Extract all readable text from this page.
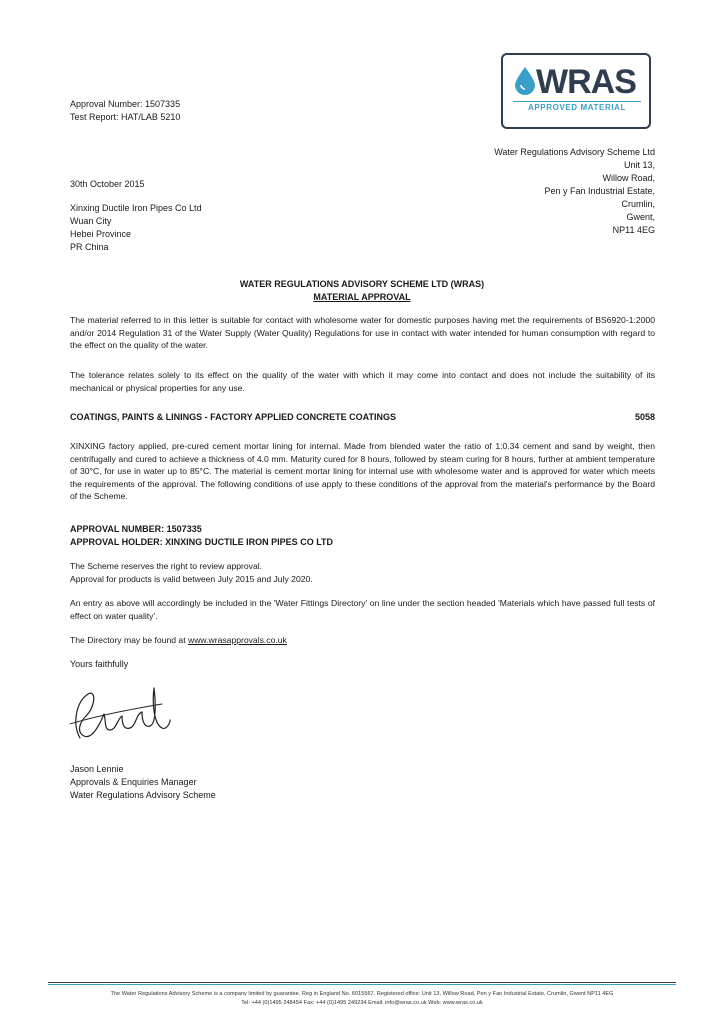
WRAS
APPROVED MATERIAL
Approval Number: 1507335
Test Report: HAT/LAB 5210
Water Regulations Advisory Scheme Ltd
Unit 13,
Willow Road,
Pen y Fan Industrial Estate,
Crumlin,
Gwent,
NP11 4EG
30th October 2015
Xinxing Ductile Iron Pipes Co Ltd
Wuan City
Hebei Province
PR China
WATER REGULATIONS ADVISORY SCHEME LTD (WRAS)
MATERIAL APPROVAL
The material referred to in this letter is suitable for contact with wholesome water for domestic purposes having met the requirements of BS6920-1:2000 and/or 2014 Regulation 31 of the Water Supply (Water Quality) Regulations for use in contact with water intended for human consumption with regard to the effect on the quality of the water.
The tolerance relates solely to its effect on the quality of the water with which it may come into contact and does not include the suitability of its mechanical or physical properties for any use.
COATINGS, PAINTS & LININGS - FACTORY APPLIED CONCRETE COATINGS	5058
XINXING factory applied, pre-cured cement mortar lining for internal. Made from blended water the ratio of 1:0.34 cement and sand by weight, then centrifugally and cured to achieve a thickness of 4.0 mm. Maturity cured for 8 hours, followed by steam curing for 8 hours, further at ambient temperature of 30°C, for use in water up to 85°C. The material is cement mortar lining for internal use with wholesome water and is approved for water which meets the requirements of the approval. The following conditions of use apply to these conditions of the approval from the material's performance by the Board of the Scheme.
APPROVAL NUMBER: 1507335
APPROVAL HOLDER: XINXING DUCTILE IRON PIPES CO LTD
The Scheme reserves the right to review approval.
Approval for products is valid between July 2015 and July 2020.
An entry as above will accordingly be included in the 'Water Fittings Directory' on line under the section headed 'Materials which have passed full tests of effect on water quality'.
The Directory may be found at www.wrasapprovals.co.uk
Yours faithfully
Jason Lennie
Approvals & Enquiries Manager
Water Regulations Advisory Scheme
The Water Regulations Advisory Scheme is a company limited by guarantee. Reg in England No. 6015567. Registered office: Unit 13, Willow Road, Pen y Fan Industrial Estate, Crumlin, Gwent NP11 4EG
Tel: +44 (0)1495 248454 Fax: +44 (0)1495 249234 Email: info@wras.co.uk Web: www.wras.co.uk
